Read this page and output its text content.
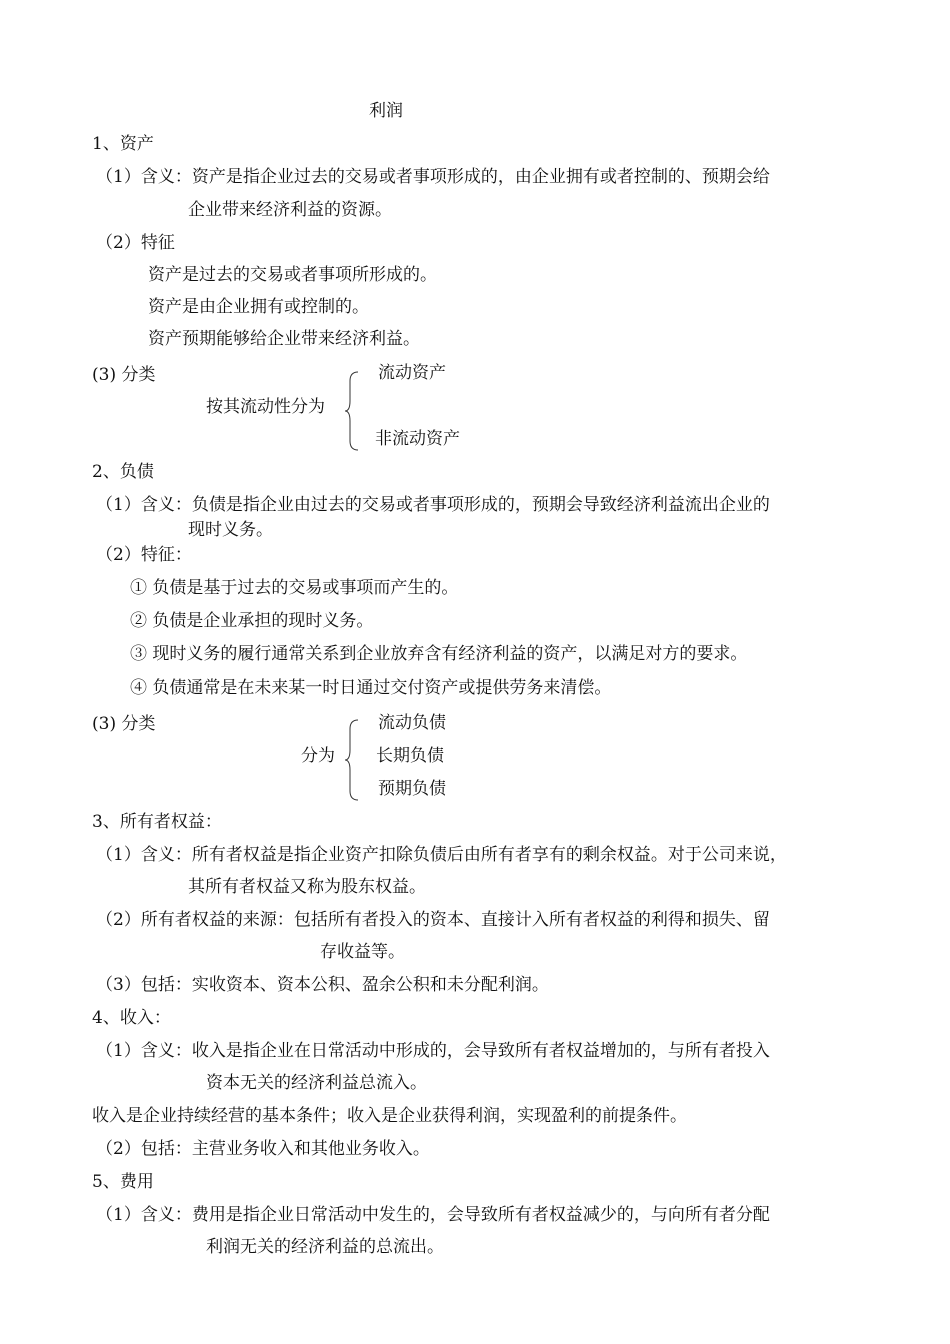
利润
1、资产
（1）含义：资产是指企业过去的交易或者事项形成的，由企业拥有或者控制的、预期会给
企业带来经济利益的资源。
（2）特征
资产是过去的交易或者事项所形成的。
资产是由企业拥有或控制的。
资产预期能够给企业带来经济利益。
(3) 分类
按其流动性分为
流动资产
非流动资产
2、负债
（1）含义：负债是指企业由过去的交易或者事项形成的，预期会导致经济利益流出企业的
现时义务。
（2）特征：
① 负债是基于过去的交易或事项而产生的。
② 负债是企业承担的现时义务。
③ 现时义务的履行通常关系到企业放弃含有经济利益的资产，以满足对方的要求。
④ 负债通常是在未来某一时日通过交付资产或提供劳务来清偿。
(3) 分类
分为
流动负债
长期负债
预期负债
3、所有者权益：
（1）含义：所有者权益是指企业资产扣除负债后由所有者享有的剩余权益。对于公司来说，
其所有者权益又称为股东权益。
（2）所有者权益的来源：包括所有者投入的资本、直接计入所有者权益的利得和损失、留
存收益等。
（3）包括：实收资本、资本公积、盈余公积和未分配利润。
4、收入：
（1）含义：收入是指企业在日常活动中形成的，会导致所有者权益增加的，与所有者投入
资本无关的经济利益总流入。
收入是企业持续经营的基本条件；收入是企业获得利润，实现盈利的前提条件。
（2）包括：主营业务收入和其他业务收入。
5、费用
（1）含义：费用是指企业日常活动中发生的，会导致所有者权益减少的，与向所有者分配
利润无关的经济利益的总流出。
